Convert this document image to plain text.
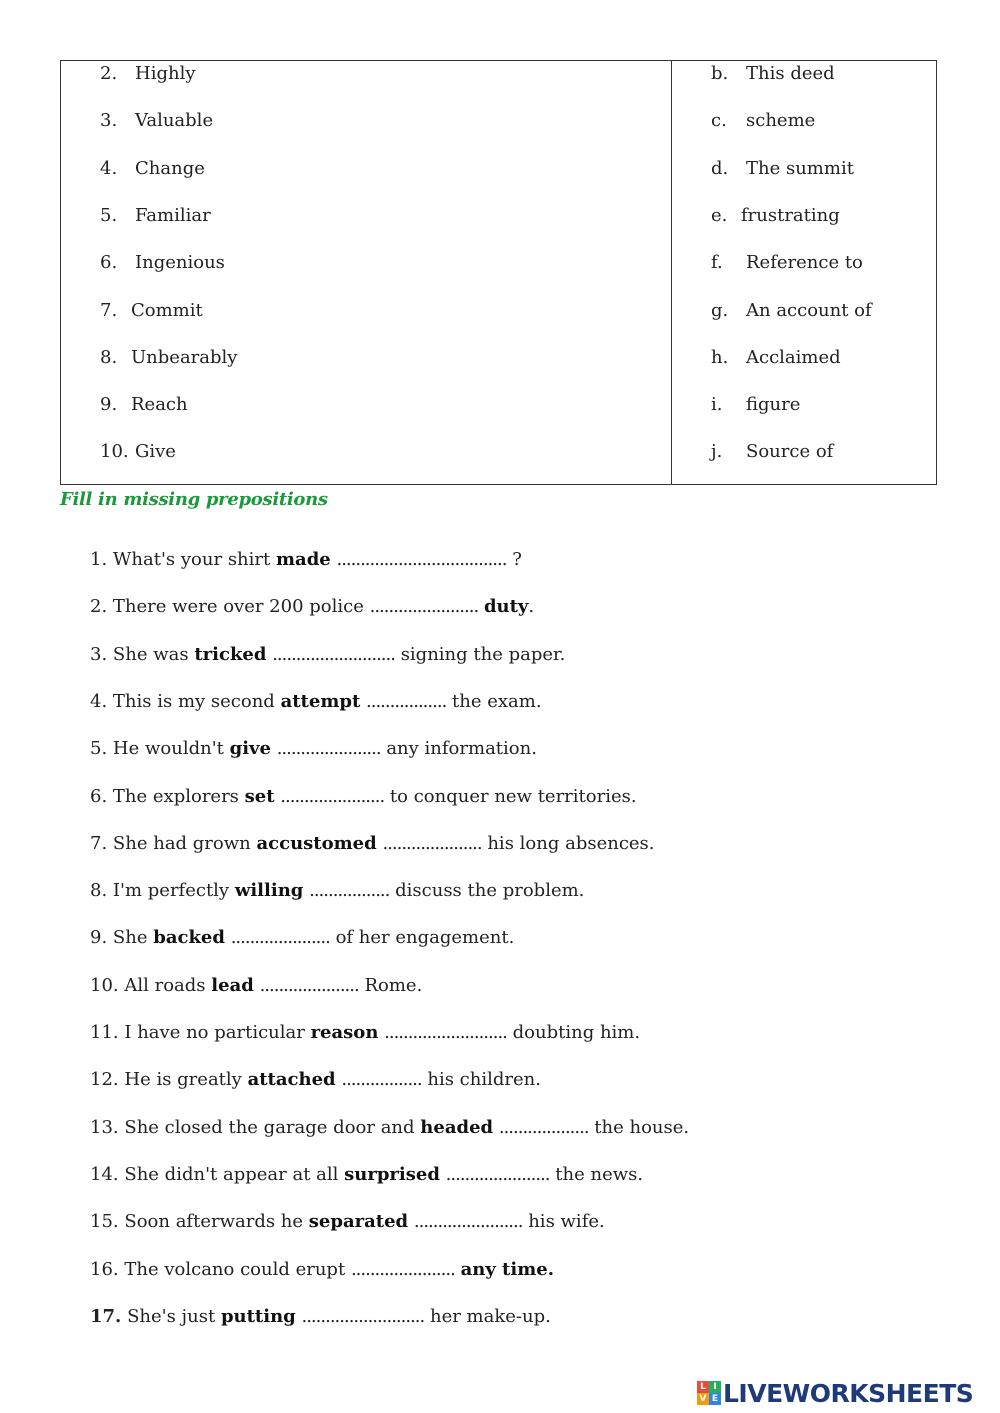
2. Highly
3. Valuable
4. Change
5. Familiar
6. Ingenious
7. Commit
8. Unbearably
9. Reach
10. Give
b. This deed
c. scheme
d. The summit
e. frustrating
f. Reference to
g. An account of
h. Acclaimed
i. figure
j. Source of
Fill in missing prepositions
1. What's your shirt made .................................... ?
2. There were over 200 police ....................... duty.
3. She was tricked .......................... signing the paper.
4. This is my second attempt ................. the exam.
5. He wouldn't give ...................... any information.
6. The explorers set ...................... to conquer new territories.
7. She had grown accustomed ..................... his long absences.
8. I'm perfectly willing ................. discuss the problem.
9. She backed ..................... of her engagement.
10. All roads lead ..................... Rome.
11. I have no particular reason .......................... doubting him.
12. He is greatly attached ................. his children.
13. She closed the garage door and headed ................... the house.
14. She didn't appear at all surprised ...................... the news.
15. Soon afterwards he separated ....................... his wife.
16. The volcano could erupt ...................... any time.
17. She's just putting .......................... her make-up.
L I
V E LIVEWORKSHEETS
